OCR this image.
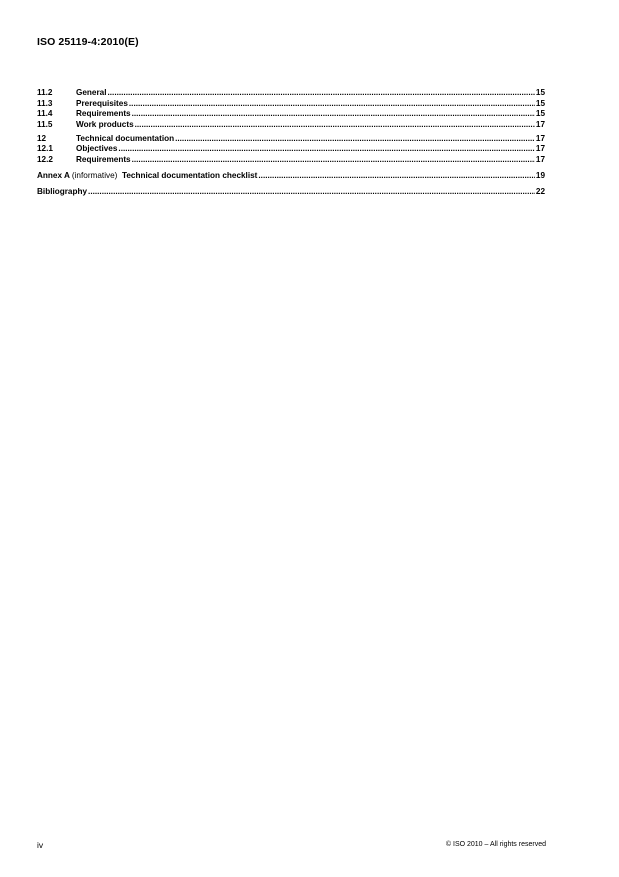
ISO 25119-4:2010(E)
11.2	General .....	15
11.3	Prerequisites .....	15
11.4	Requirements .....	15
11.5	Work products .....	17
12	Technical documentation .....	17
12.1	Objectives .....	17
12.2	Requirements .....	17
Annex A (informative) Technical documentation checklist .....	19
Bibliography .....	22
iv	© ISO 2010 – All rights reserved
